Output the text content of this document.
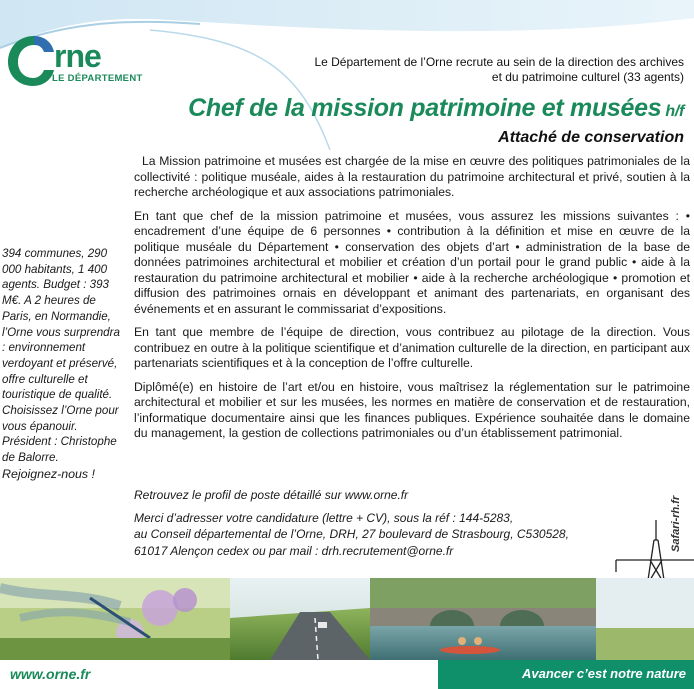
rne
LE DÉPARTEMENT
Le Département de l’Orne recrute au sein de la direction des archives
et du patrimoine culturel (33 agents)
Chef de la mission patrimoine et musées h/f
Attaché de conservation

La Mission patrimoine et musées est chargée de la mise en œuvre des politiques patrimoniales de la collectivité : politique muséale, aides à la restauration du patrimoine architectural et privé, soutien à la recherche archéologique et aux associations patrimoniales.

En tant que chef de la mission patrimoine et musées, vous assurez les missions suivantes : • encadrement d’une équipe de 6 personnes • contribution à la définition et mise en œuvre de la politique muséale du Département • conservation des objets d’art • administration de la base de données patrimoines architectural et mobilier et création d’un portail pour le grand public • aide à la restauration du patrimoine architectural et mobilier • aide à la recherche archéologique • promotion et diffusion des patrimoines ornais en développant et animant des partenariats, en organisant des événements et en assurant le commissariat d’expositions.

En tant que membre de l’équipe de direction, vous contribuez au pilotage de la direction. Vous contribuez en outre à la politique scientifique et d’animation culturelle de la direction, en participant aux partenariats scientifiques et à la conception de l’offre culturelle.

Diplômé(e) en histoire de l’art et/ou en histoire, vous maîtrisez la réglementation sur le patrimoine architectural et mobilier et sur les musées, les normes en matière de conservation et de restauration, l’informatique documentaire ainsi que les finances publiques. Expérience souhaitée dans le domaine du management, la gestion de collections patrimoniales ou d’un établissement patrimonial.

394 communes, 290 000 habitants, 1 400 agents. Budget : 393 M€. A 2 heures de Paris, en Normandie, l’Orne vous surprendra : environnement verdoyant et préservé, offre culturelle et touristique de qualité. Choisissez l’Orne pour vous épanouir. Président : Christophe de Balorre.
Rejoignez-nous !

Retrouvez le profil de poste détaillé sur www.orne.fr

Merci d’adresser votre candidature (lettre + CV), sous la réf : 144-5283,
au Conseil départemental de l’Orne, DRH, 27 boulevard de Strasbourg, C530528,
61017 Alençon cedex ou par mail : drh.recrutement@orne.fr	Safari-rh.fr
www.orne.fr	Avancer c’est notre nature
